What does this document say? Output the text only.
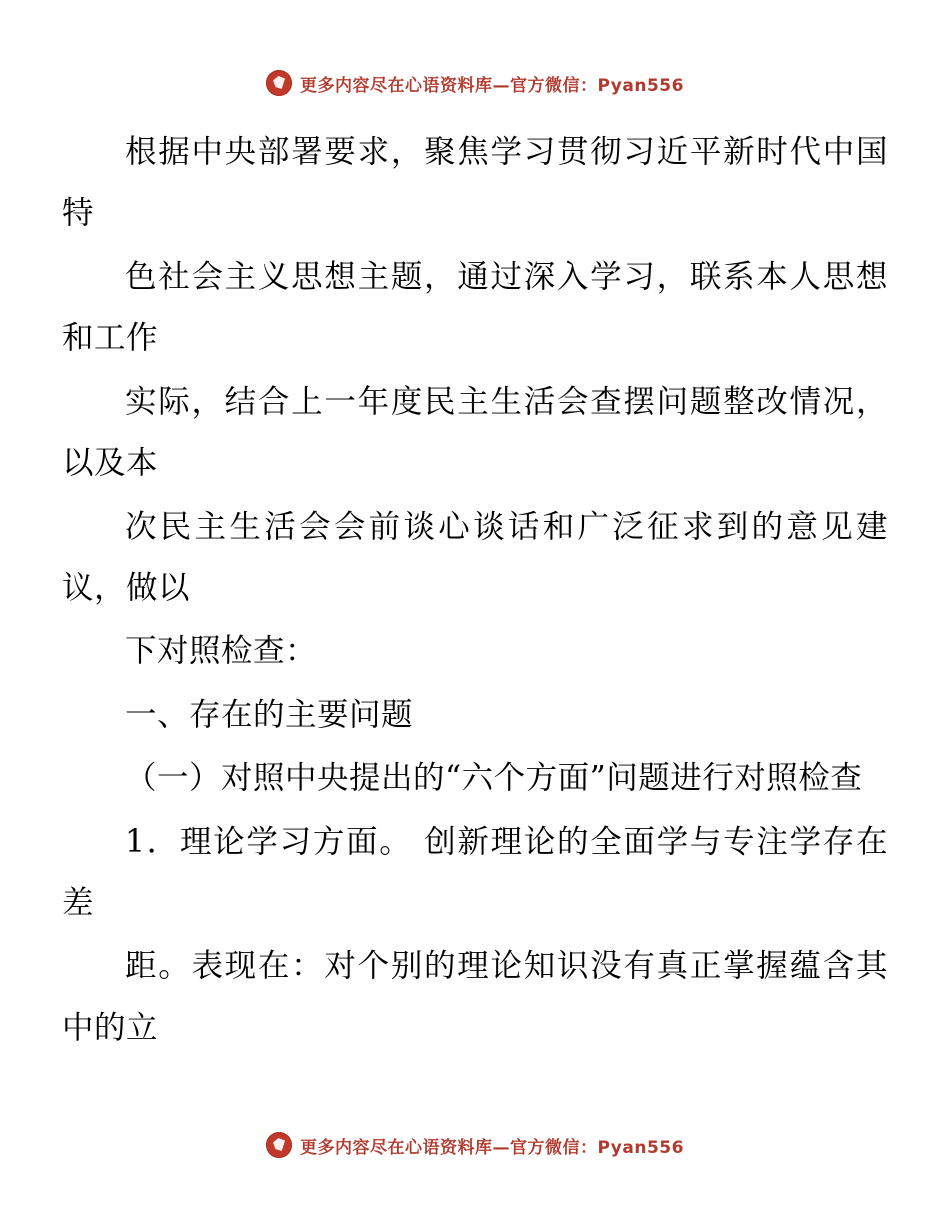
更多内容尽在心语资料库—官方微信：Pyan556

根据中央部署要求，聚焦学习贯彻习近平新时代中国特

色社会主义思想主题，通过深入学习，联系本人思想和工作

实际，结合上一年度民主生活会查摆问题整改情况，以及本

次民主生活会会前谈心谈话和广泛征求到的意见建议，做以

下对照检查：

一、存在的主要问题

（一）对照中央提出的“六个方面”问题进行对照检查

1．理论学习方面。 创新理论的全面学与专注学存在差

距。表现在：对个别的理论知识没有真正掌握蕴含其中的立

更多内容尽在心语资料库—官方微信：Pyan556
